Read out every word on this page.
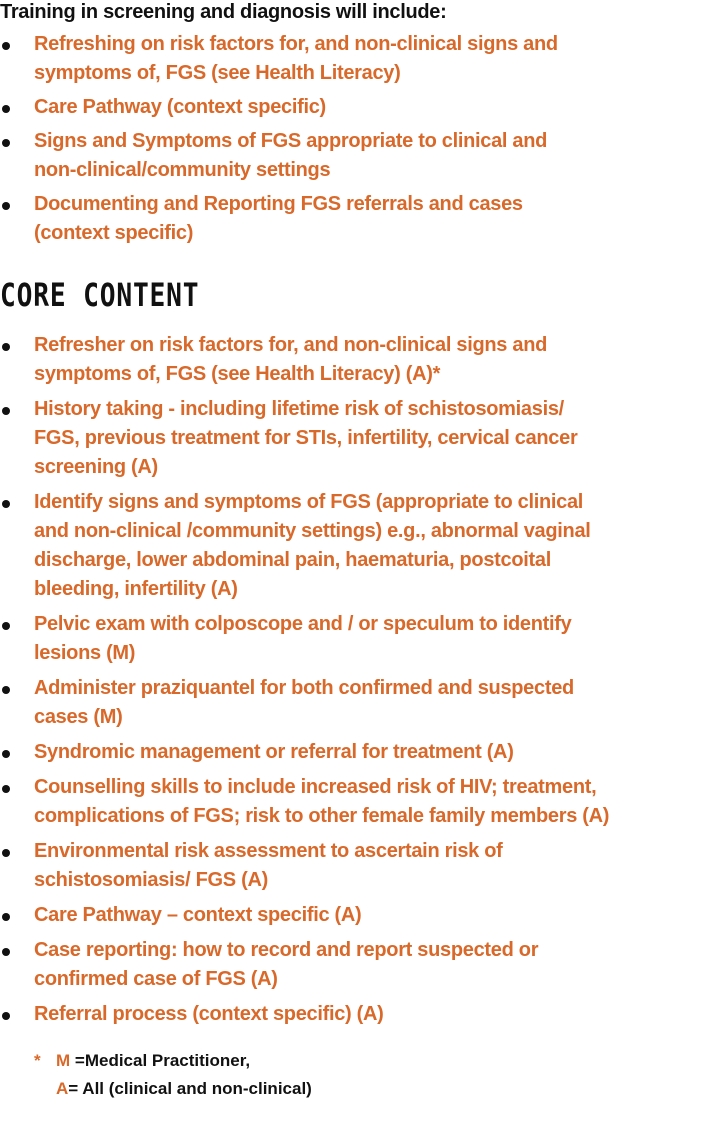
Training in screening and diagnosis will include:

Refreshing on risk factors for, and non-clinical signs and
symptoms of, FGS (see Health Literacy)
Care Pathway (context specific)
Signs and Symptoms of FGS appropriate to clinical and
non-clinical/community settings
Documenting and Reporting FGS referrals and cases
(context specific)
CORE CONTENT
Refresher on risk factors for, and non-clinical signs and
symptoms of, FGS (see Health Literacy) (A)*
History taking - including lifetime risk of schistosomiasis/
FGS, previous treatment for STIs, infertility, cervical cancer
screening (A)
Identify signs and symptoms of FGS (appropriate to clinical
and non-clinical /community settings) e.g., abnormal vaginal
discharge, lower abdominal pain, haematuria, postcoital
bleeding, infertility (A)
Pelvic exam with colposcope and / or speculum to identify
lesions (M)
Administer praziquantel for both confirmed and suspected
cases (M)
Syndromic management or referral for treatment (A)
Counselling skills to include increased risk of HIV; treatment,
complications of FGS; risk to other female family members (A)
Environmental risk assessment to ascertain risk of
schistosomiasis/ FGS (A)
Care Pathway – context specific (A)
Case reporting: how to record and report suspected or
confirmed case of FGS (A)
Referral process (context specific) (A)
* M =Medical Practitioner,
A= All (clinical and non-clinical)
